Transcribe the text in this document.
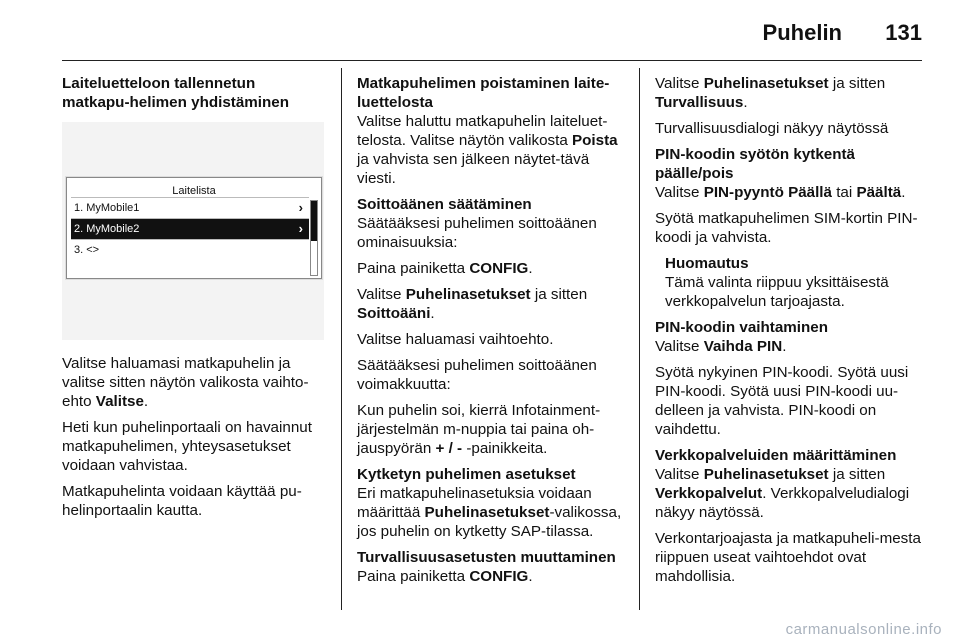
Puhelin 131
Laiteluetteloon tallennetun matkapu-helimen yhdistäminen
Laitelista
1. MyMobile1	›
2. MyMobile2	›
3. <>

Valitse haluamasi matkapuhelin ja valitse sitten näytön valikosta vaihto-ehto Valitse.

Heti kun puhelinportaali on havainnut matkapuhelimen, yhteysasetukset voidaan vahvistaa.

Matkapuhelinta voidaan käyttää pu-helinportaalin kautta.

Matkapuhelimen poistaminen laite-luettelosta

Valitse haluttu matkapuhelin laiteluet-telosta. Valitse näytön valikosta Poista ja vahvista sen jälkeen näytet-tävä viesti.

Soittoäänen säätäminen

Säätääksesi puhelimen soittoäänen ominaisuuksia:

Paina painiketta CONFIG.

Valitse Puhelinasetukset ja sitten Soittoääni.

Valitse haluamasi vaihtoehto.

Säätääksesi puhelimen soittoäänen voimakkuutta:

Kun puhelin soi, kierrä Infotainment-järjestelmän m-nuppia tai paina oh-jauspyörän + / - -painikkeita.

Kytketyn puhelimen asetukset

Eri matkapuhelinasetuksia voidaan määrittää Puhelinasetukset-valikossa, jos puhelin on kytketty SAP-tilassa.

Turvallisuusasetusten muuttaminen

Paina painiketta CONFIG.

Valitse Puhelinasetukset ja sitten Turvallisuus.

Turvallisuusdialogi näkyy näytössä

PIN-koodin syötön kytkentä päälle/pois

Valitse PIN-pyyntö Päällä tai Päältä.

Syötä matkapuhelimen SIM-kortin PIN-koodi ja vahvista.

Huomautus
Tämä valinta riippuu yksittäisestä verkkopalvelun tarjoajasta.
PIN-koodin vaihtaminen

Valitse Vaihda PIN.

Syötä nykyinen PIN-koodi. Syötä uusi PIN-koodi. Syötä uusi PIN-koodi uu-delleen ja vahvista. PIN-koodi on vaihdettu.

Verkkopalveluiden määrittäminen

Valitse Puhelinasetukset ja sitten Verkkopalvelut. Verkkopalveludialogi näkyy näytössä.

Verkontarjoajasta ja matkapuheli-mesta riippuen useat vaihtoehdot ovat mahdollisia.

carmanualsonline.info
